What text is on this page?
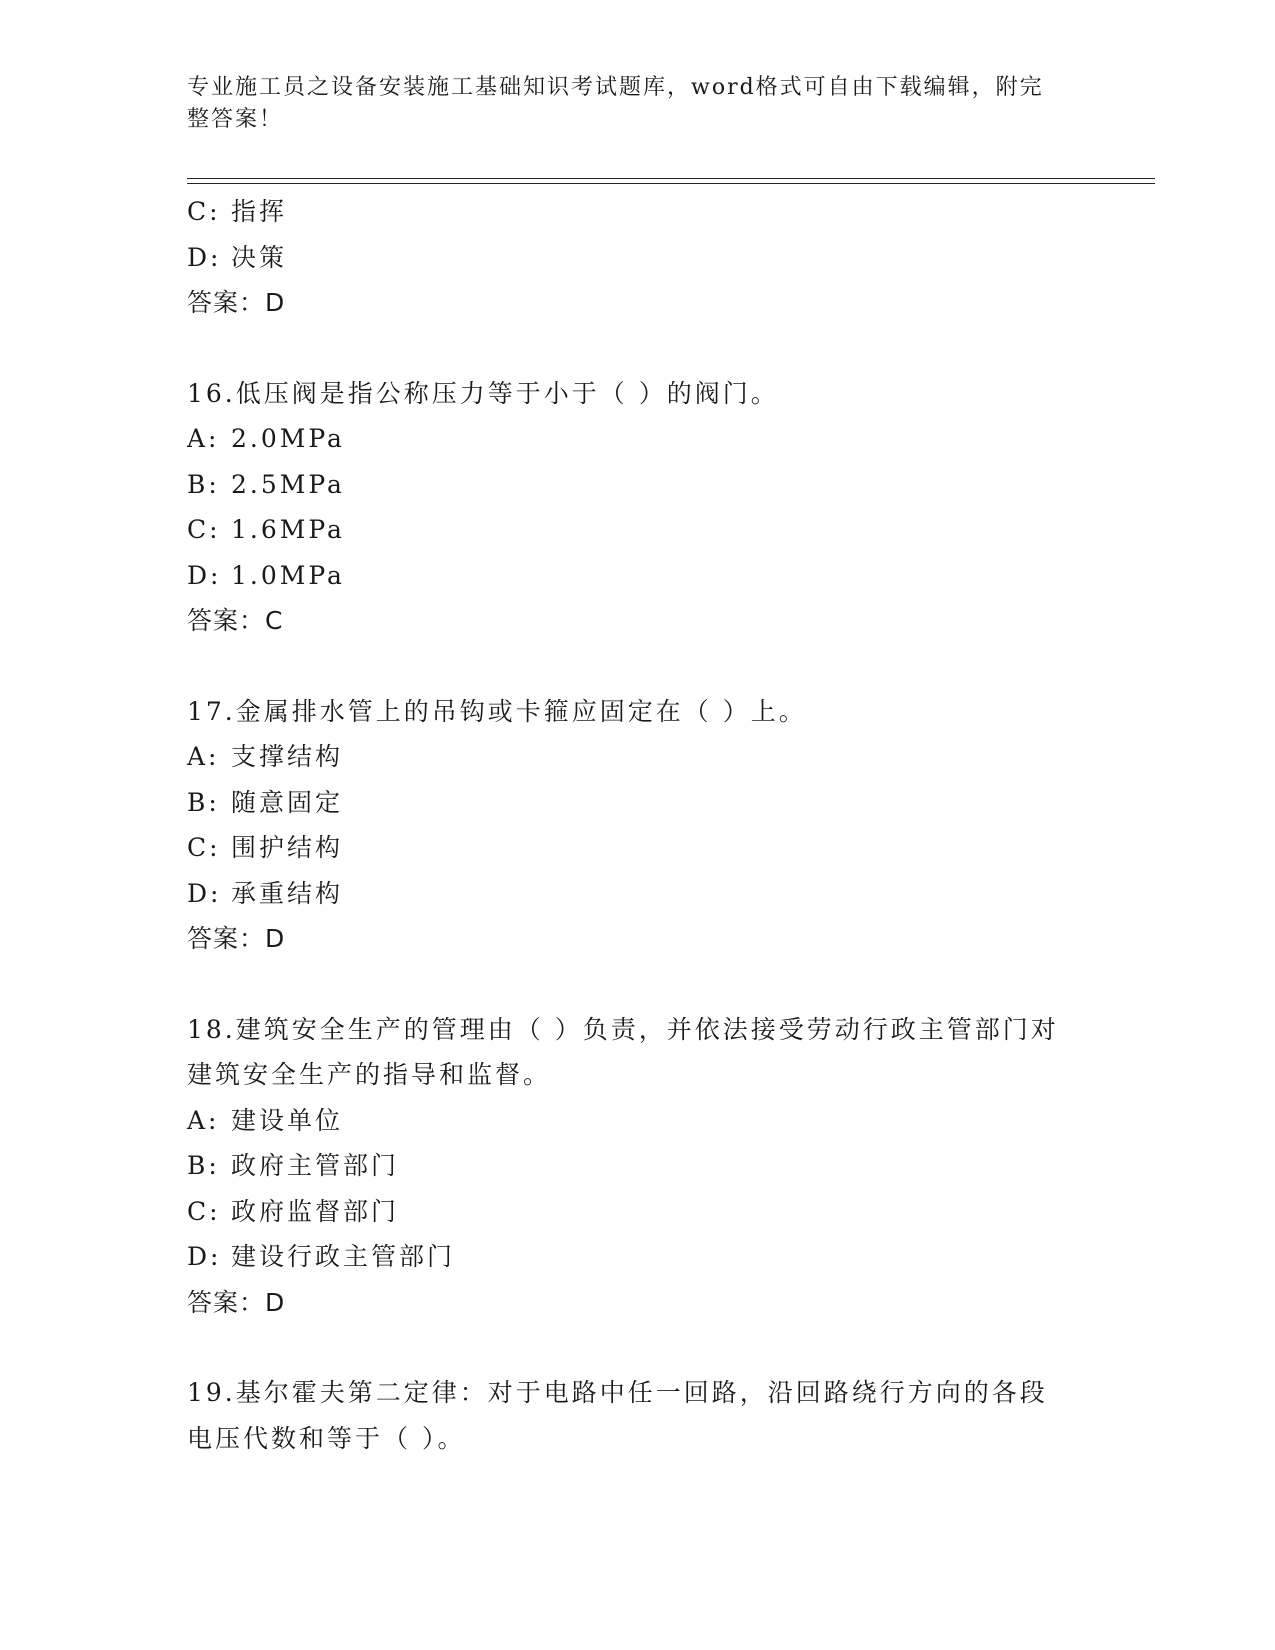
专业施工员之设备安装施工基础知识考试题库，word格式可自由下载编辑，附完整答案！
C: 指挥
D: 决策
答案：D
16.低压阀是指公称压力等于小于（ ）的阀门。
A: 2.0MPa
B: 2.5MPa
C: 1.6MPa
D: 1.0MPa
答案：C
17.金属排水管上的吊钩或卡箍应固定在（ ）上。
A: 支撑结构
B: 随意固定
C: 围护结构
D: 承重结构
答案：D
18.建筑安全生产的管理由（ ）负责，并依法接受劳动行政主管部门对建筑安全生产的指导和监督。
A: 建设单位
B: 政府主管部门
C: 政府监督部门
D: 建设行政主管部门
答案：D
19.基尔霍夫第二定律：对于电路中任一回路，沿回路绕行方向的各段电压代数和等于（ ）。
